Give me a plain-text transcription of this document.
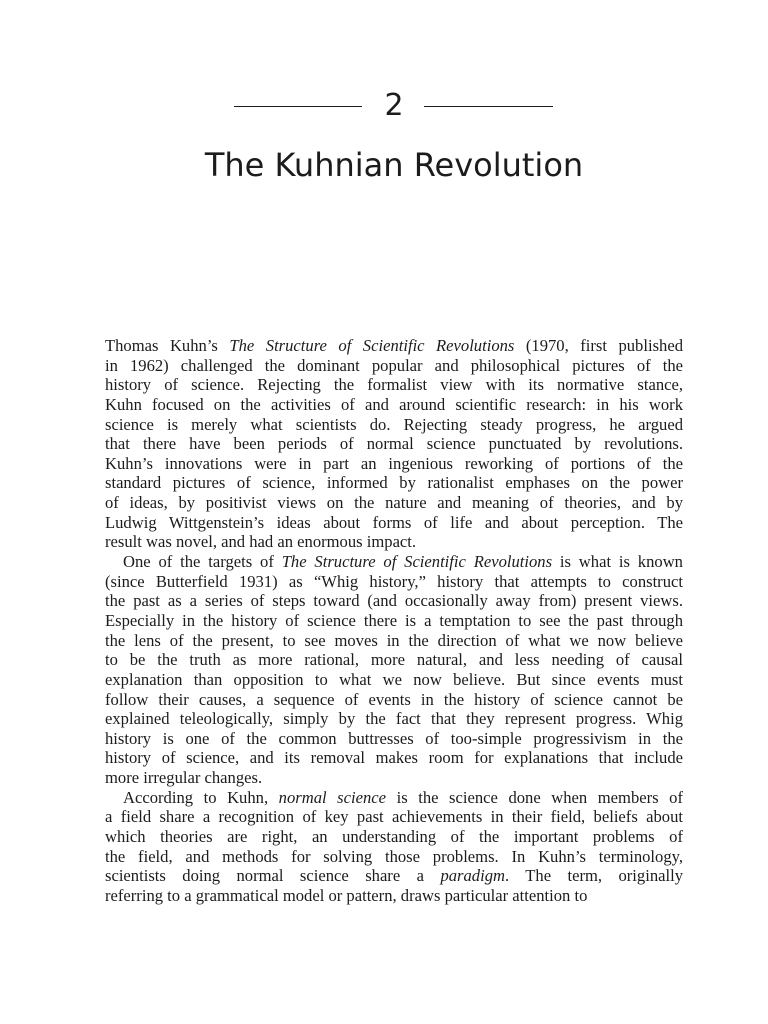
2
The Kuhnian Revolution
Thomas Kuhn’s The Structure of Scientific Revolutions (1970, first published
in 1962) challenged the dominant popular and philosophical pictures of the
history of science. Rejecting the formalist view with its normative stance,
Kuhn focused on the activities of and around scientific research: in his work
science is merely what scientists do. Rejecting steady progress, he argued
that there have been periods of normal science punctuated by revolutions.
Kuhn’s innovations were in part an ingenious reworking of portions of the
standard pictures of science, informed by rationalist emphases on the power
of ideas, by positivist views on the nature and meaning of theories, and by
Ludwig Wittgenstein’s ideas about forms of life and about perception. The
result was novel, and had an enormous impact.
One of the targets of The Structure of Scientific Revolutions is what is known
(since Butterfield 1931) as “Whig history,” history that attempts to construct
the past as a series of steps toward (and occasionally away from) present views.
Especially in the history of science there is a temptation to see the past through
the lens of the present, to see moves in the direction of what we now believe
to be the truth as more rational, more natural, and less needing of causal
explanation than opposition to what we now believe. But since events must
follow their causes, a sequence of events in the history of science cannot be
explained teleologically, simply by the fact that they represent progress. Whig
history is one of the common buttresses of too-simple progressivism in the
history of science, and its removal makes room for explanations that include
more irregular changes.
According to Kuhn, normal science is the science done when members of
a field share a recognition of key past achievements in their field, beliefs about
which theories are right, an understanding of the important problems of
the field, and methods for solving those problems. In Kuhn’s terminology,
scientists doing normal science share a paradigm. The term, originally
referring to a grammatical model or pattern, draws particular attention to
